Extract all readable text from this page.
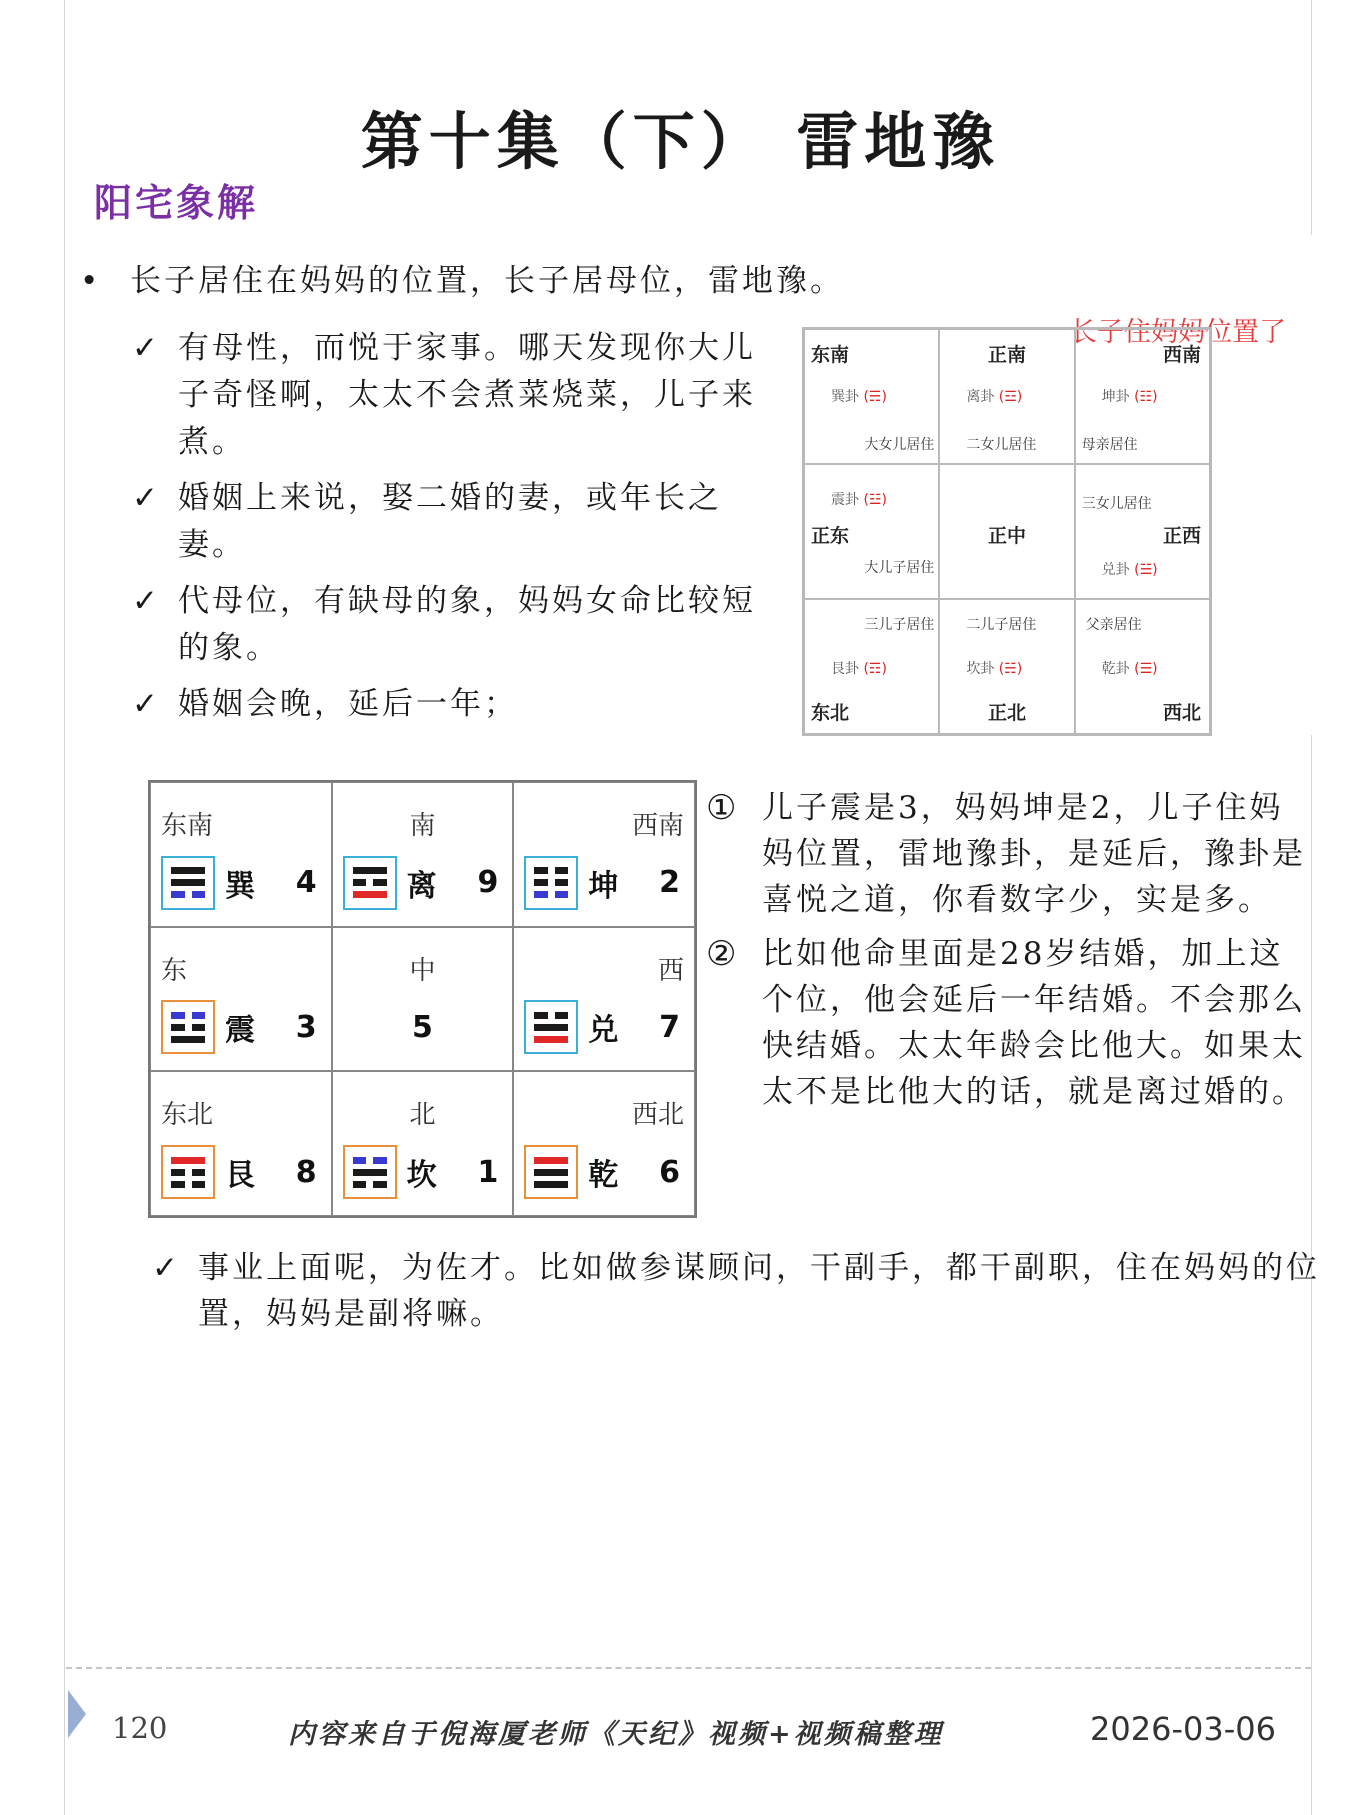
第十集（下） 雷地豫
阳宅象解
• 长子居住在妈妈的位置，长子居母位，雷地豫。
✓ 有母性，而悦于家事。哪天发现你大儿子奇怪啊，太太不会煮菜烧菜，儿子来煮。
✓ 婚姻上来说，娶二婚的妻，或年长之妻。
✓ 代母位，有缺母的象，妈妈女命比较短的象。
✓ 婚姻会晚，延后一年；
长子住妈妈位置了
东南
巽卦 (☴)
大女儿居住
正南
离卦 (☲)
二女儿居住
西南
坤卦 (☷)
母亲居住
震卦 (☳)
正东
大儿子居住
正中
三女儿居住
正西
兑卦 (☱)
三儿子居住
艮卦 (☶)
东北
二儿子居住
坎卦 (☵)
正北
父亲居住
乾卦 (☰)
西北
东南
巽 4
南
离 9
西南
坤 2
东
震 3
中
5
西
兑 7
东北
艮 8
北
坎 1
西北
乾 6
① 儿子震是3，妈妈坤是2，儿子住妈妈位置，雷地豫卦，是延后，豫卦是喜悦之道，你看数字少，实是多。
② 比如他命里面是28岁结婚，加上这个位，他会延后一年结婚。不会那么快结婚。太太年龄会比他大。如果太太不是比他大的话，就是离过婚的。
✓ 事业上面呢，为佐才。比如做参谋顾问，干副手，都干副职，住在妈妈的位置，妈妈是副将嘛。
120	内容来自于倪海厦老师《天纪》视频+视频稿整理	2026-03-06
